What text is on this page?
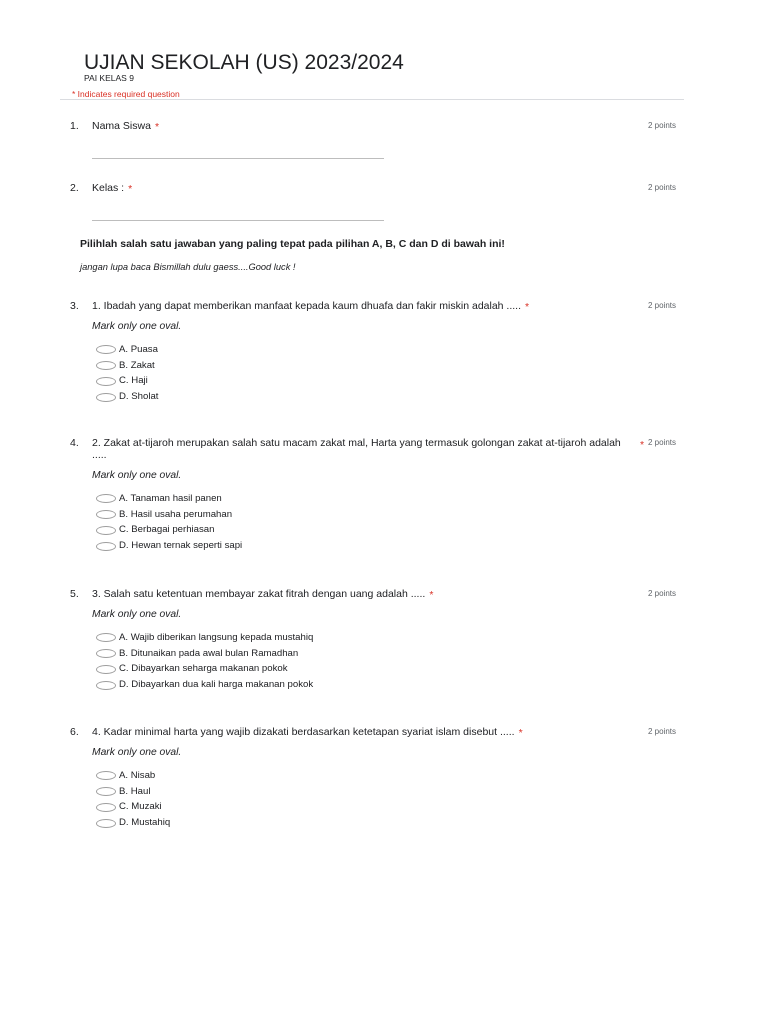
UJIAN SEKOLAH (US) 2023/2024
PAI KELAS 9
* Indicates required question
1. Nama Siswa *	2 points
2. Kelas : *	2 points
Pilihlah salah satu jawaban yang paling tepat pada pilihan A, B, C dan D di bawah ini!
jangan lupa baca Bismillah dulu gaess....Good luck !
3. 1. Ibadah yang dapat memberikan manfaat kepada kaum dhuafa dan fakir miskin adalah ..... *
Mark only one oval.
A. Puasa
B. Zakat
C. Haji
D. Sholat
2 points
4. 2. Zakat at-tijaroh merupakan salah satu macam zakat mal, Harta yang termasuk golongan zakat at-tijaroh adalah .....
Mark only one oval.
A. Tanaman hasil panen
B. Hasil usaha perumahan
C. Berbagai perhiasan
D. Hewan ternak seperti sapi
* 2 points
5. 3. Salah satu ketentuan membayar zakat fitrah dengan uang adalah ..... *
Mark only one oval.
A. Wajib diberikan langsung kepada mustahiq
B. Ditunaikan pada awal bulan Ramadhan
C. Dibayarkan seharga makanan pokok
D. Dibayarkan dua kali harga makanan pokok
2 points
6. 4. Kadar minimal harta yang wajib dizakati berdasarkan ketetapan syariat islam disebut ..... *
Mark only one oval.
A. Nisab
B. Haul
C. Muzaki
D. Mustahiq
2 points
